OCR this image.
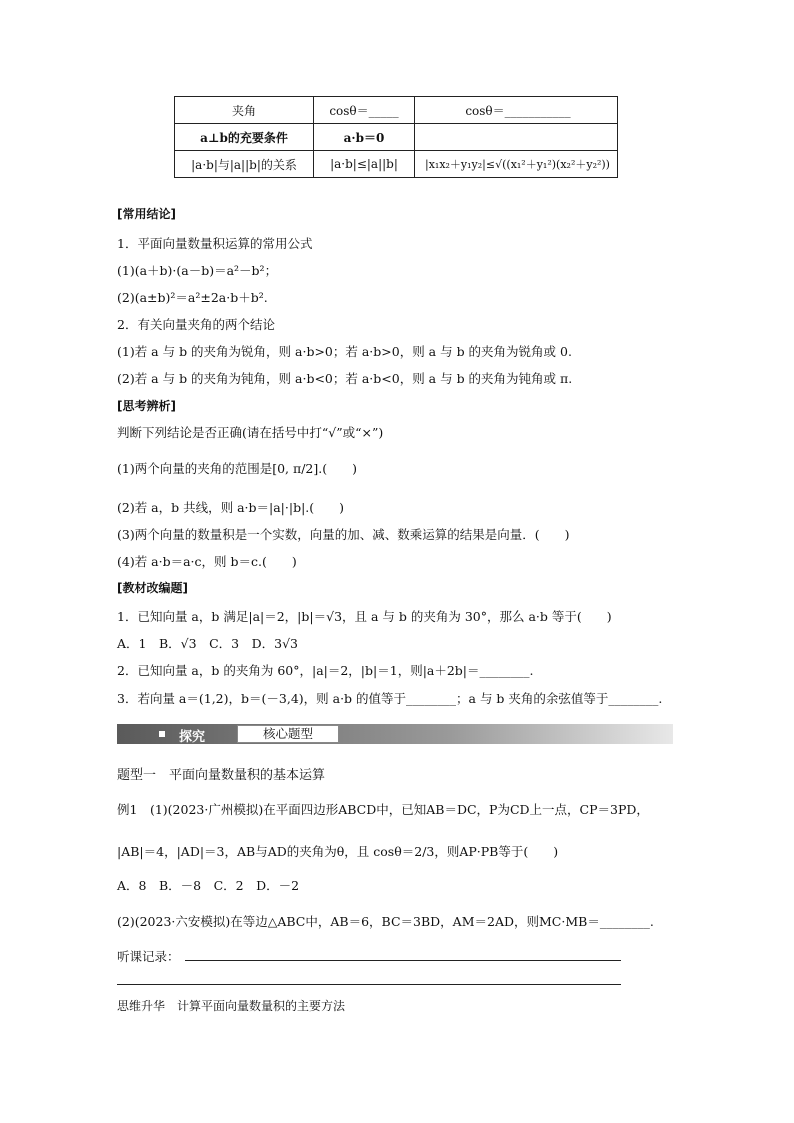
夹角	cosθ＝_____	cosθ＝___________
a⊥b的充要条件	a·b＝0	
|a·b|与|a||b|的关系	|a·b|≤|a||b|	|x₁x₂＋y₁y₂|≤√((x₁²＋y₁²)(x₂²＋y₂²))
[常用结论]
1．平面向量数量积运算的常用公式
(1)(a＋b)·(a－b)＝a²－b²；
(2)(a±b)²＝a²±2a·b＋b².
2．有关向量夹角的两个结论
(1)若 a 与 b 的夹角为锐角，则 a·b>0；若 a·b>0，则 a 与 b 的夹角为锐角或 0.
(2)若 a 与 b 的夹角为钝角，则 a·b<0；若 a·b<0，则 a 与 b 的夹角为钝角或 π.
[思考辨析]
判断下列结论是否正确(请在括号中打“√”或“×”)
(1)两个向量的夹角的范围是[0, π/2].(　　)
(2)若 a，b 共线，则 a·b＝|a|·|b|.(　　)
(3)两个向量的数量积是一个实数，向量的加、减、数乘运算的结果是向量．(　　)
(4)若 a·b＝a·c，则 b＝c.(　　)
[教材改编题]
1．已知向量 a，b 满足|a|＝2，|b|＝√3，且 a 与 b 的夹角为 30°，那么 a·b 等于(　　)
A．1　B．√3　C．3　D．3√3
2．已知向量 a，b 的夹角为 60°，|a|＝2，|b|＝1，则|a＋2b|＝________.
3．若向量 a＝(1,2)，b＝(－3,4)，则 a·b 的值等于________；a 与 b 夹角的余弦值等于________.
探究	核心题型
题型一　平面向量数量积的基本运算
例1　(1)(2023·广州模拟)在平面四边形ABCD中，已知AB＝DC，P为CD上一点，CP＝3PD，
|AB|＝4，|AD|＝3，AB与AD的夹角为θ，且 cosθ＝2/3，则AP·PB等于(　　)
A．8　B．－8　C．2　D．－2
(2)(2023·六安模拟)在等边△ABC中，AB＝6，BC＝3BD，AM＝2AD，则MC·MB＝________.
听课记录：
思维升华　计算平面向量数量积的主要方法
